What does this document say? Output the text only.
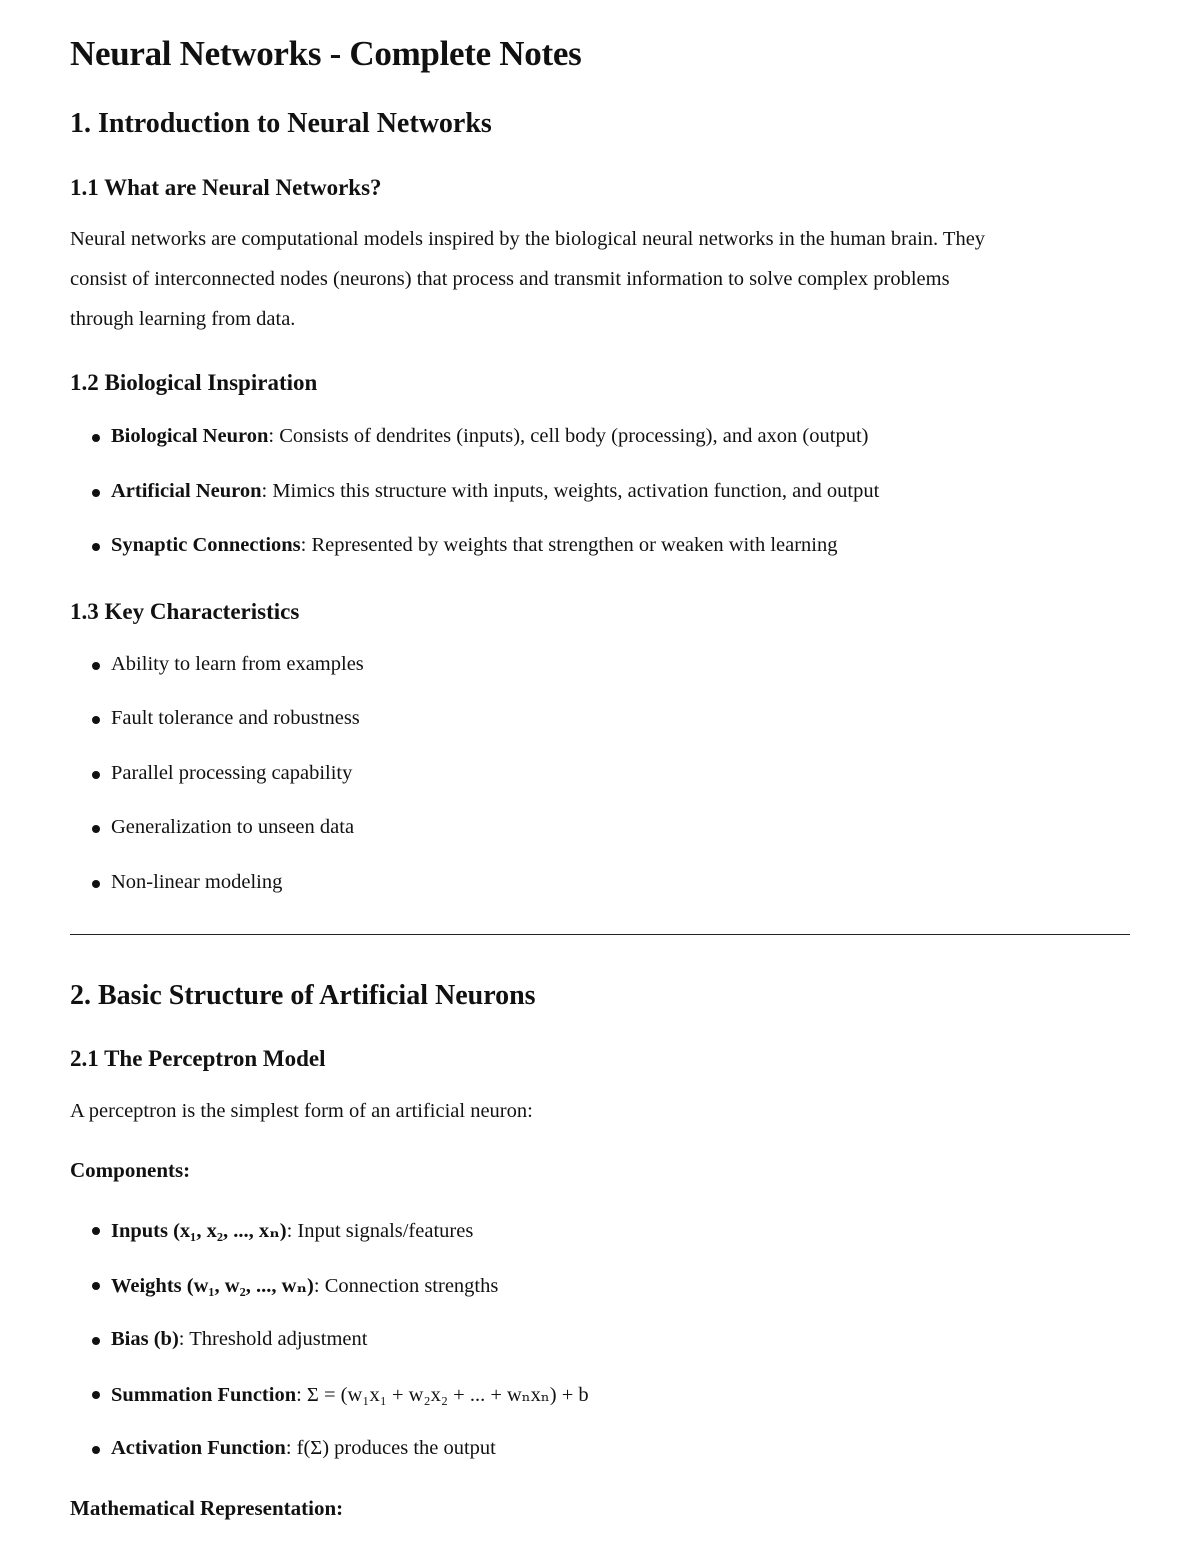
Neural Networks - Complete Notes
1. Introduction to Neural Networks
1.1 What are Neural Networks?

Neural networks are computational models inspired by the biological neural networks in the human brain. They
consist of interconnected nodes (neurons) that process and transmit information to solve complex problems
through learning from data.

1.2 Biological Inspiration
Biological Neuron: Consists of dendrites (inputs), cell body (processing), and axon (output)
Artificial Neuron: Mimics this structure with inputs, weights, activation function, and output
Synaptic Connections: Represented by weights that strengthen or weaken with learning
1.3 Key Characteristics
Ability to learn from examples
Fault tolerance and robustness
Parallel processing capability
Generalization to unseen data
Non-linear modeling
2. Basic Structure of Artificial Neurons
2.1 The Perceptron Model

A perceptron is the simplest form of an artificial neuron:

Components:
Inputs (x₁, x₂, ..., xₙ): Input signals/features
Weights (w₁, w₂, ..., wₙ): Connection strengths
Bias (b): Threshold adjustment
Summation Function: Σ = (w₁x₁ + w₂x₂ + ... + wₙxₙ) + b
Activation Function: f(Σ) produces the output
Mathematical Representation:
